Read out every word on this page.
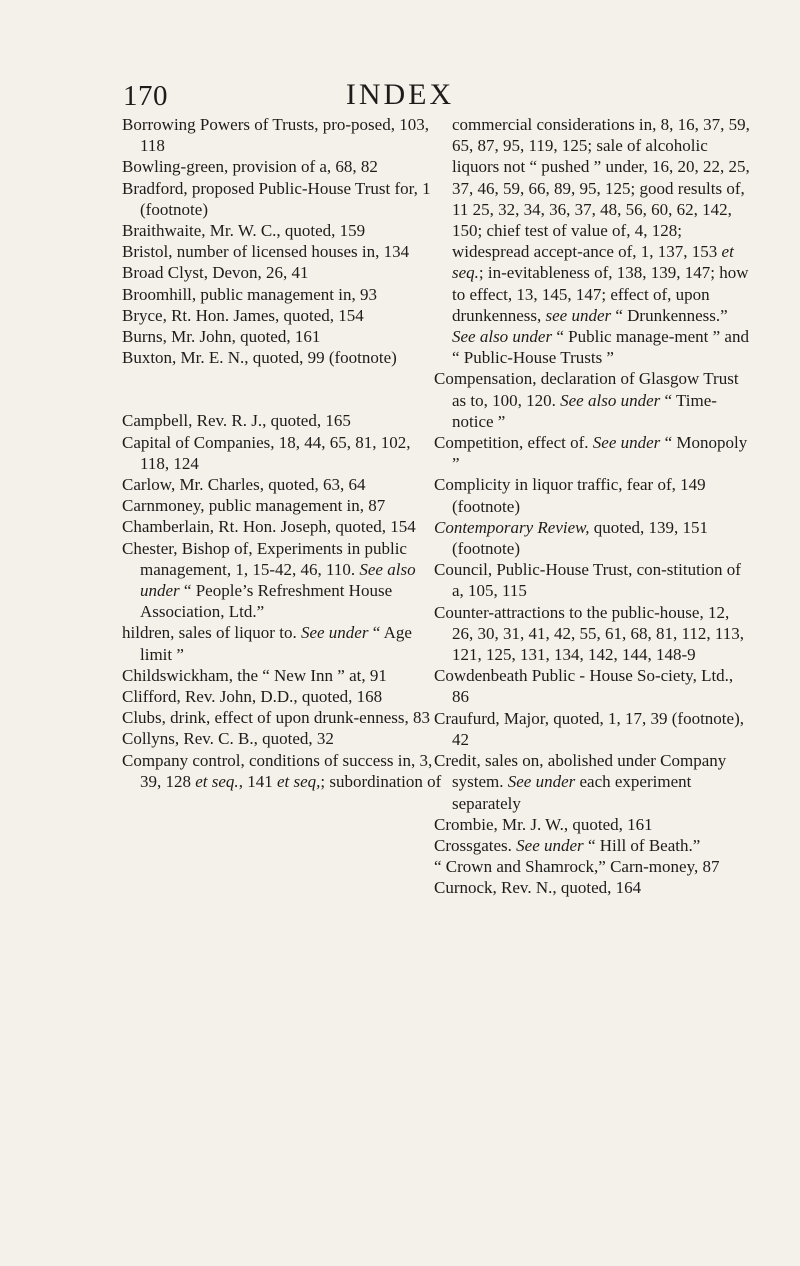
170	INDEX

Borrowing Powers of Trusts, pro-posed, 103, 118

Bowling-green, provision of a, 68, 82

Bradford, proposed Public-House Trust for, 1 (footnote)

Braithwaite, Mr. W. C., quoted, 159

Bristol, number of licensed houses in, 134

Broad Clyst, Devon, 26, 41

Broomhill, public management in, 93

Bryce, Rt. Hon. James, quoted, 154

Burns, Mr. John, quoted, 161

Buxton, Mr. E. N., quoted, 99 (footnote)

Campbell, Rev. R. J., quoted, 165

Capital of Companies, 18, 44, 65, 81, 102, 118, 124

Carlow, Mr. Charles, quoted, 63, 64

Carnmoney, public management in, 87

Chamberlain, Rt. Hon. Joseph, quoted, 154

Chester, Bishop of, Experiments in public management, 1, 15-42, 46, 110. See also under “ People’s Refreshment House Association, Ltd.”

hildren, sales of liquor to. See under “ Age limit ”

Childswickham, the “ New Inn ” at, 91

Clifford, Rev. John, D.D., quoted, 168

Clubs, drink, effect of upon drunk-enness, 83

Collyns, Rev. C. B., quoted, 32

Company control, conditions of success in, 3, 39, 128 et seq., 141 et seq,; subordination of

commercial considerations in, 8, 16, 37, 59, 65, 87, 95, 119, 125; sale of alcoholic liquors not “ pushed ” under, 16, 20, 22, 25, 37, 46, 59, 66, 89, 95, 125; good results of, 11 25, 32, 34, 36, 37, 48, 56, 60, 62, 142, 150; chief test of value of, 4, 128; widespread accept-ance of, 1, 137, 153 et seq.; in-evitableness of, 138, 139, 147; how to effect, 13, 145, 147; effect of, upon drunkenness, see under “ Drunkenness.” See also under “ Public manage-ment ” and “ Public-House Trusts ”

Compensation, declaration of Glasgow Trust as to, 100, 120. See also under “ Time-notice ”

Competition, effect of. See under “ Monopoly ”

Complicity in liquor traffic, fear of, 149 (footnote)

Contemporary Review, quoted, 139, 151 (footnote)

Council, Public-House Trust, con-stitution of a, 105, 115

Counter-attractions to the public-house, 12, 26, 30, 31, 41, 42, 55, 61, 68, 81, 112, 113, 121, 125, 131, 134, 142, 144, 148-9

Cowdenbeath Public - House So-ciety, Ltd., 86

Craufurd, Major, quoted, 1, 17, 39 (footnote), 42

Credit, sales on, abolished under Company system. See under each experiment separately

Crombie, Mr. J. W., quoted, 161

Crossgates. See under “ Hill of Beath.”

“ Crown and Shamrock,” Carn-money, 87

Curnock, Rev. N., quoted, 164
